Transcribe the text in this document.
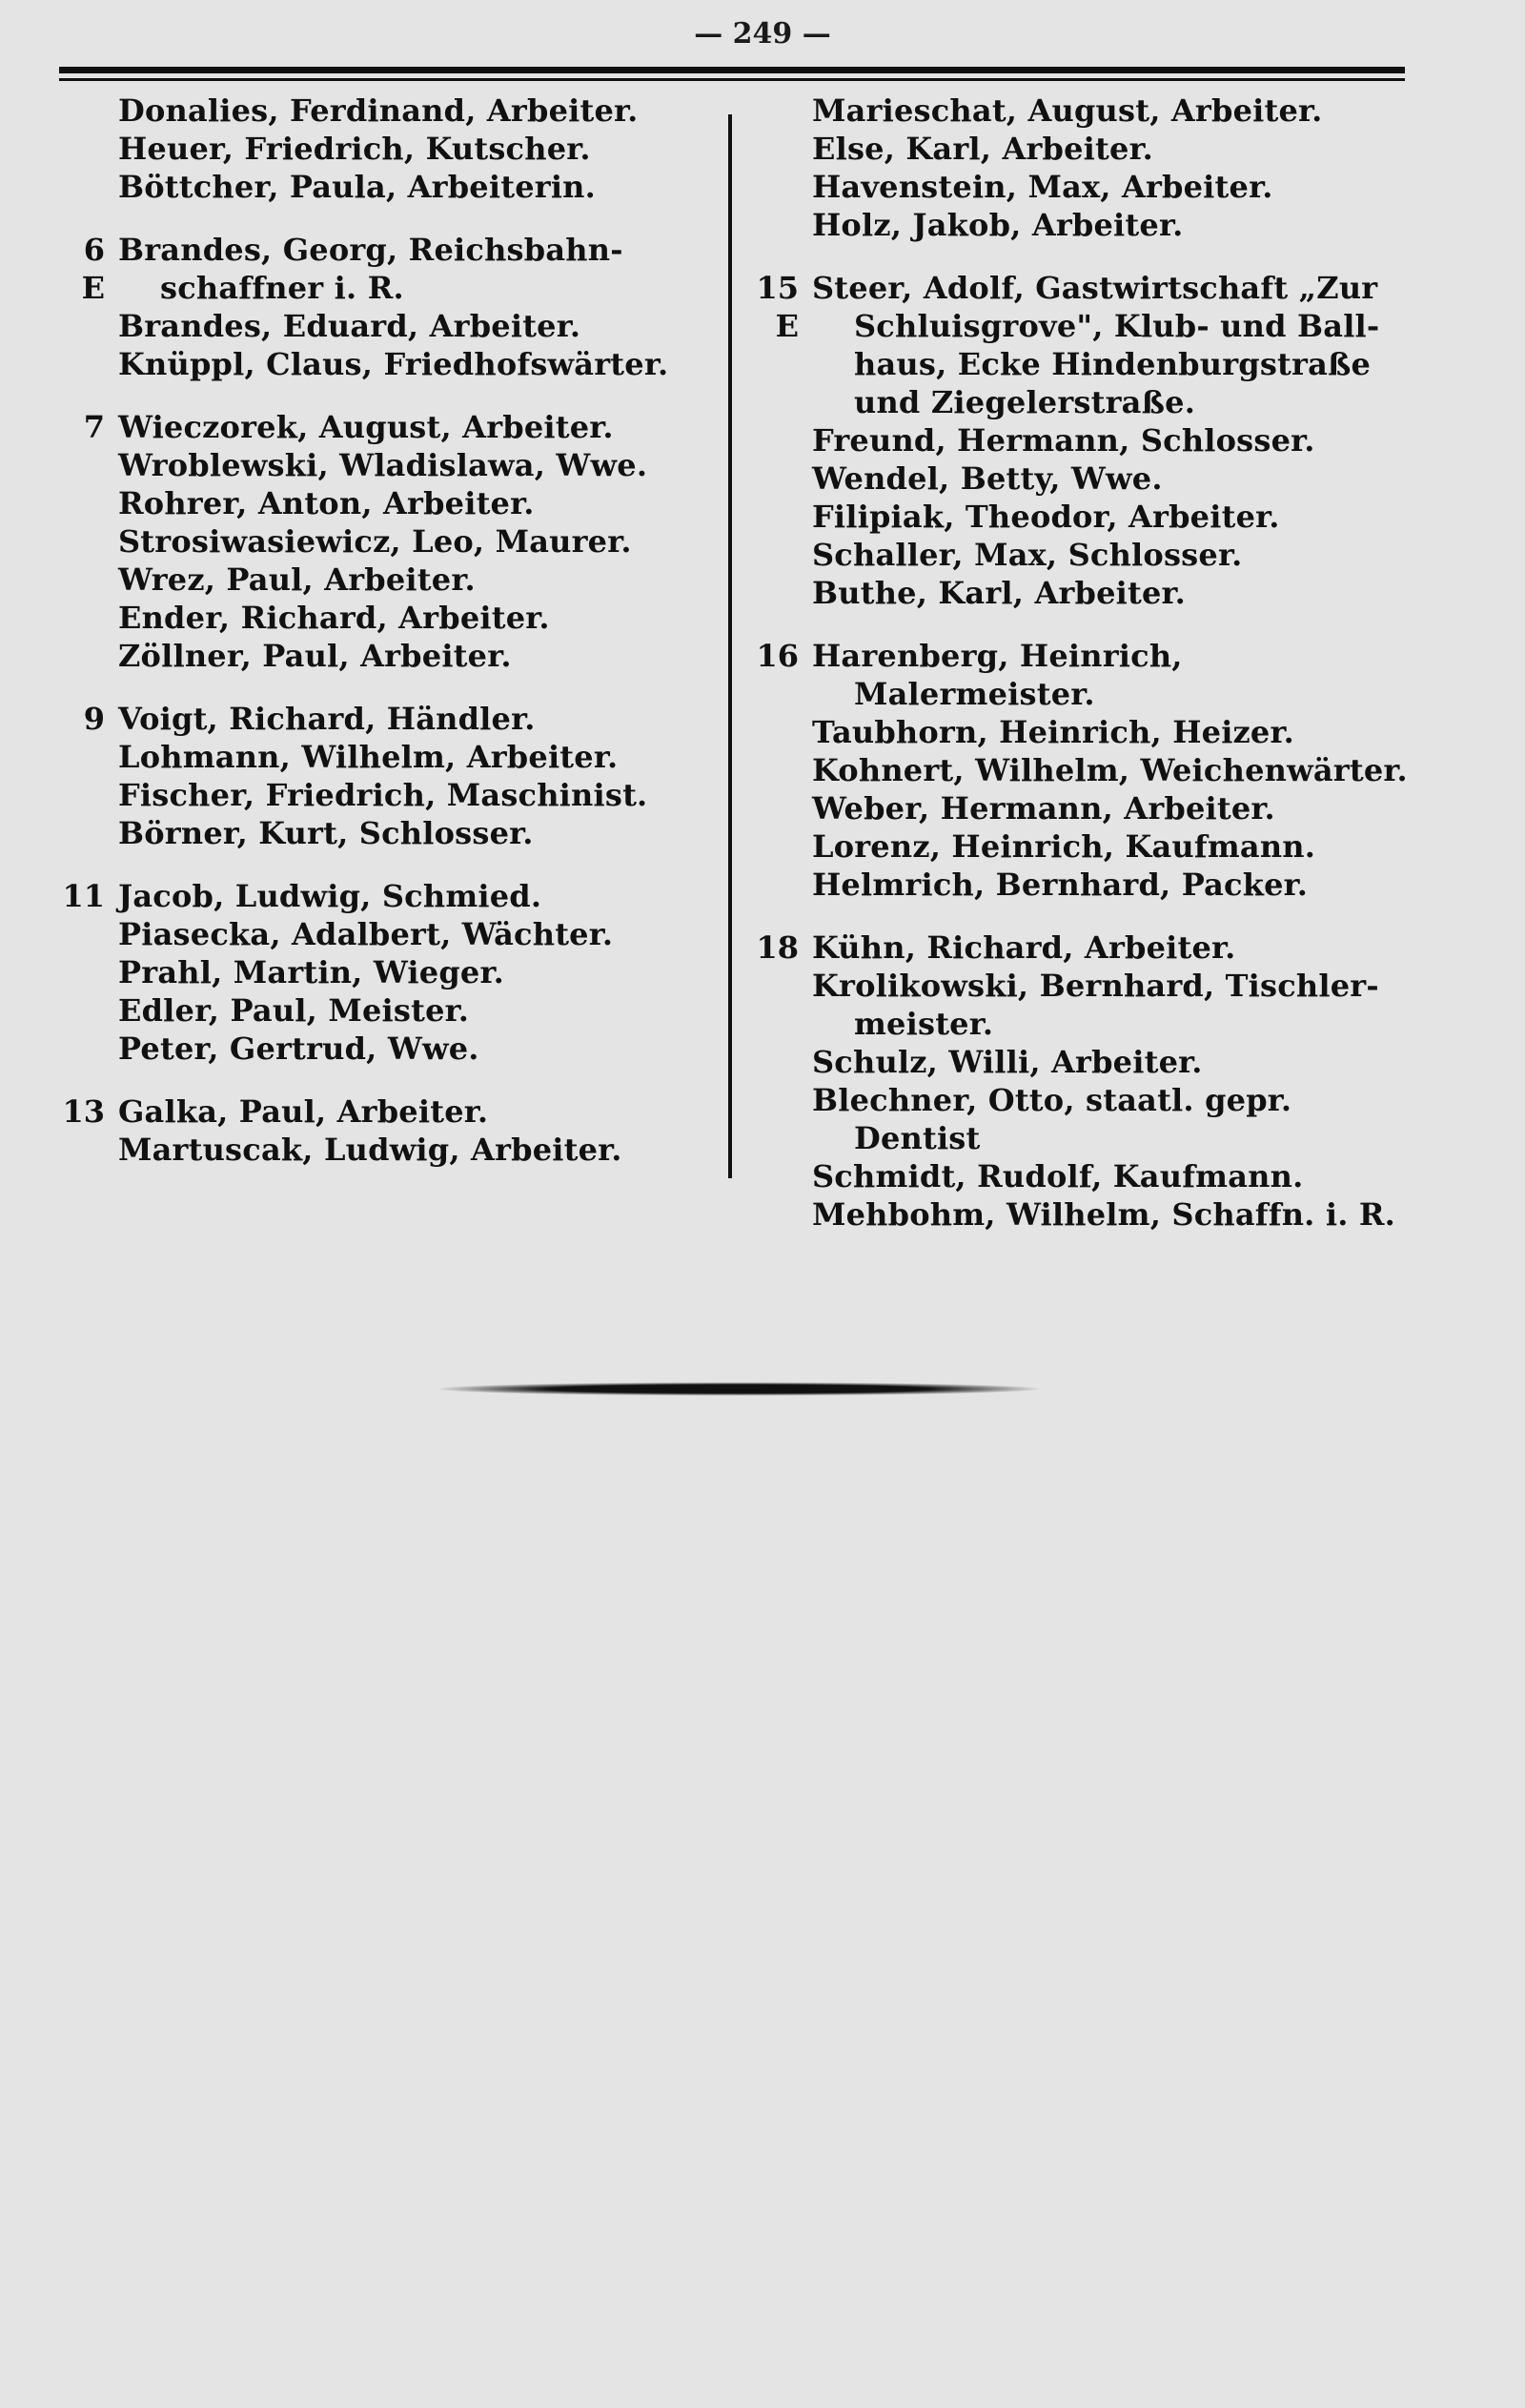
— 249 —
Donalies, Ferdinand, Arbeiter.
Heuer, Friedrich, Kutscher.
Böttcher, Paula, Arbeiterin.
6 E
Brandes, Georg, Reichsbahn-schaffner i. R.
Brandes, Eduard, Arbeiter.
Knüppl, Claus, Friedhofswärter.
7 Wieczorek, August, Arbeiter.
Wroblewski, Wladislawa, Wwe.
Rohrer, Anton, Arbeiter.
Strosiwasiewicz, Leo, Maurer.
Wrez, Paul, Arbeiter.
Ender, Richard, Arbeiter.
Zöllner, Paul, Arbeiter.
9 Voigt, Richard, Händler.
Lohmann, Wilhelm, Arbeiter.
Fischer, Friedrich, Maschinist.
Börner, Kurt, Schlosser.
11 Jacob, Ludwig, Schmied.
Piasecka, Adalbert, Wächter.
Prahl, Martin, Wieger.
Edler, Paul, Meister.
Peter, Gertrud, Wwe.
13 Galka, Paul, Arbeiter.
Martuscak, Ludwig, Arbeiter.
Marieschat, August, Arbeiter.
Else, Karl, Arbeiter.
Havenstein, Max, Arbeiter.
Holz, Jakob, Arbeiter.
15 E
Steer, Adolf, Gastwirtschaft „Zur Schluisgrove", Klub- und Ball-haus, Ecke Hindenburgstraße und Ziegelerstraße.
Freund, Hermann, Schlosser.
Wendel, Betty, Wwe.
Filipiak, Theodor, Arbeiter.
Schaller, Max, Schlosser.
Buthe, Karl, Arbeiter.
16 Harenberg, Heinrich, Malermeister.
Taubhorn, Heinrich, Heizer.
Kohnert, Wilhelm, Weichenwärter.
Weber, Hermann, Arbeiter.
Lorenz, Heinrich, Kaufmann.
Helmrich, Bernhard, Packer.
18 Kühn, Richard, Arbeiter.
Krolikowski, Bernhard, Tischler-meister.
Schulz, Willi, Arbeiter.
Blechner, Otto, staatl. gepr. Dentist
Schmidt, Rudolf, Kaufmann.
Mehbohm, Wilhelm, Schaffn. i. R.
